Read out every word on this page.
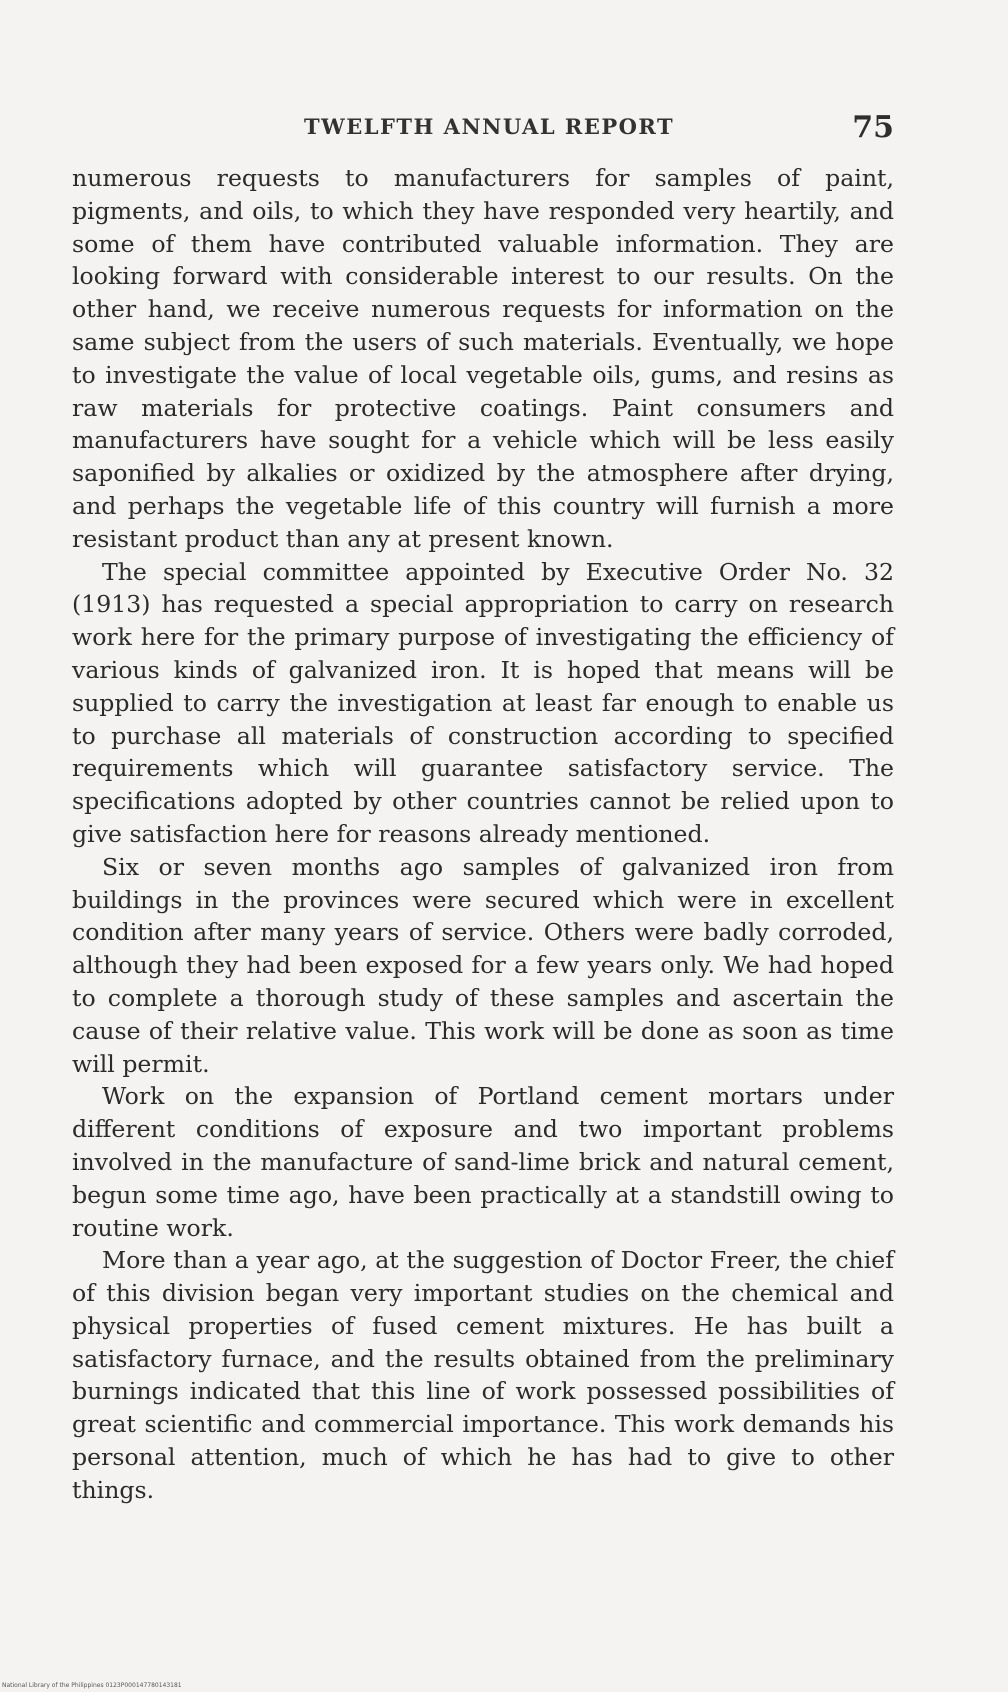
TWELFTH ANNUAL REPORT	75

numerous requests to manufacturers for samples of paint, pigments, and oils, to which they have responded very heartily, and some of them have contributed valuable information. They are looking forward with considerable interest to our results. On the other hand, we receive numerous requests for information on the same subject from the users of such materials. Eventually, we hope to investigate the value of local vegetable oils, gums, and resins as raw materials for protective coatings. Paint consumers and manufacturers have sought for a vehicle which will be less easily saponified by alkalies or oxidized by the atmosphere after drying, and perhaps the vegetable life of this country will furnish a more resistant product than any at present known.

The special committee appointed by Executive Order No. 32 (1913) has requested a special appropriation to carry on research work here for the primary purpose of investigating the efficiency of various kinds of galvanized iron. It is hoped that means will be supplied to carry the investigation at least far enough to enable us to purchase all materials of construction according to specified requirements which will guarantee satisfactory service. The specifications adopted by other countries cannot be relied upon to give satisfaction here for reasons already mentioned.

Six or seven months ago samples of galvanized iron from buildings in the provinces were secured which were in excellent condition after many years of service. Others were badly corroded, although they had been exposed for a few years only. We had hoped to complete a thorough study of these samples and ascertain the cause of their relative value. This work will be done as soon as time will permit.

Work on the expansion of Portland cement mortars under different conditions of exposure and two important problems involved in the manufacture of sand-lime brick and natural cement, begun some time ago, have been practically at a standstill owing to routine work.

More than a year ago, at the suggestion of Doctor Freer, the chief of this division began very important studies on the chemical and physical properties of fused cement mixtures. He has built a satisfactory furnace, and the results obtained from the preliminary burnings indicated that this line of work possessed possibilities of great scientific and commercial importance. This work demands his personal attention, much of which he has had to give to other things.

National Library of the Philippines 0123P000147780143181
